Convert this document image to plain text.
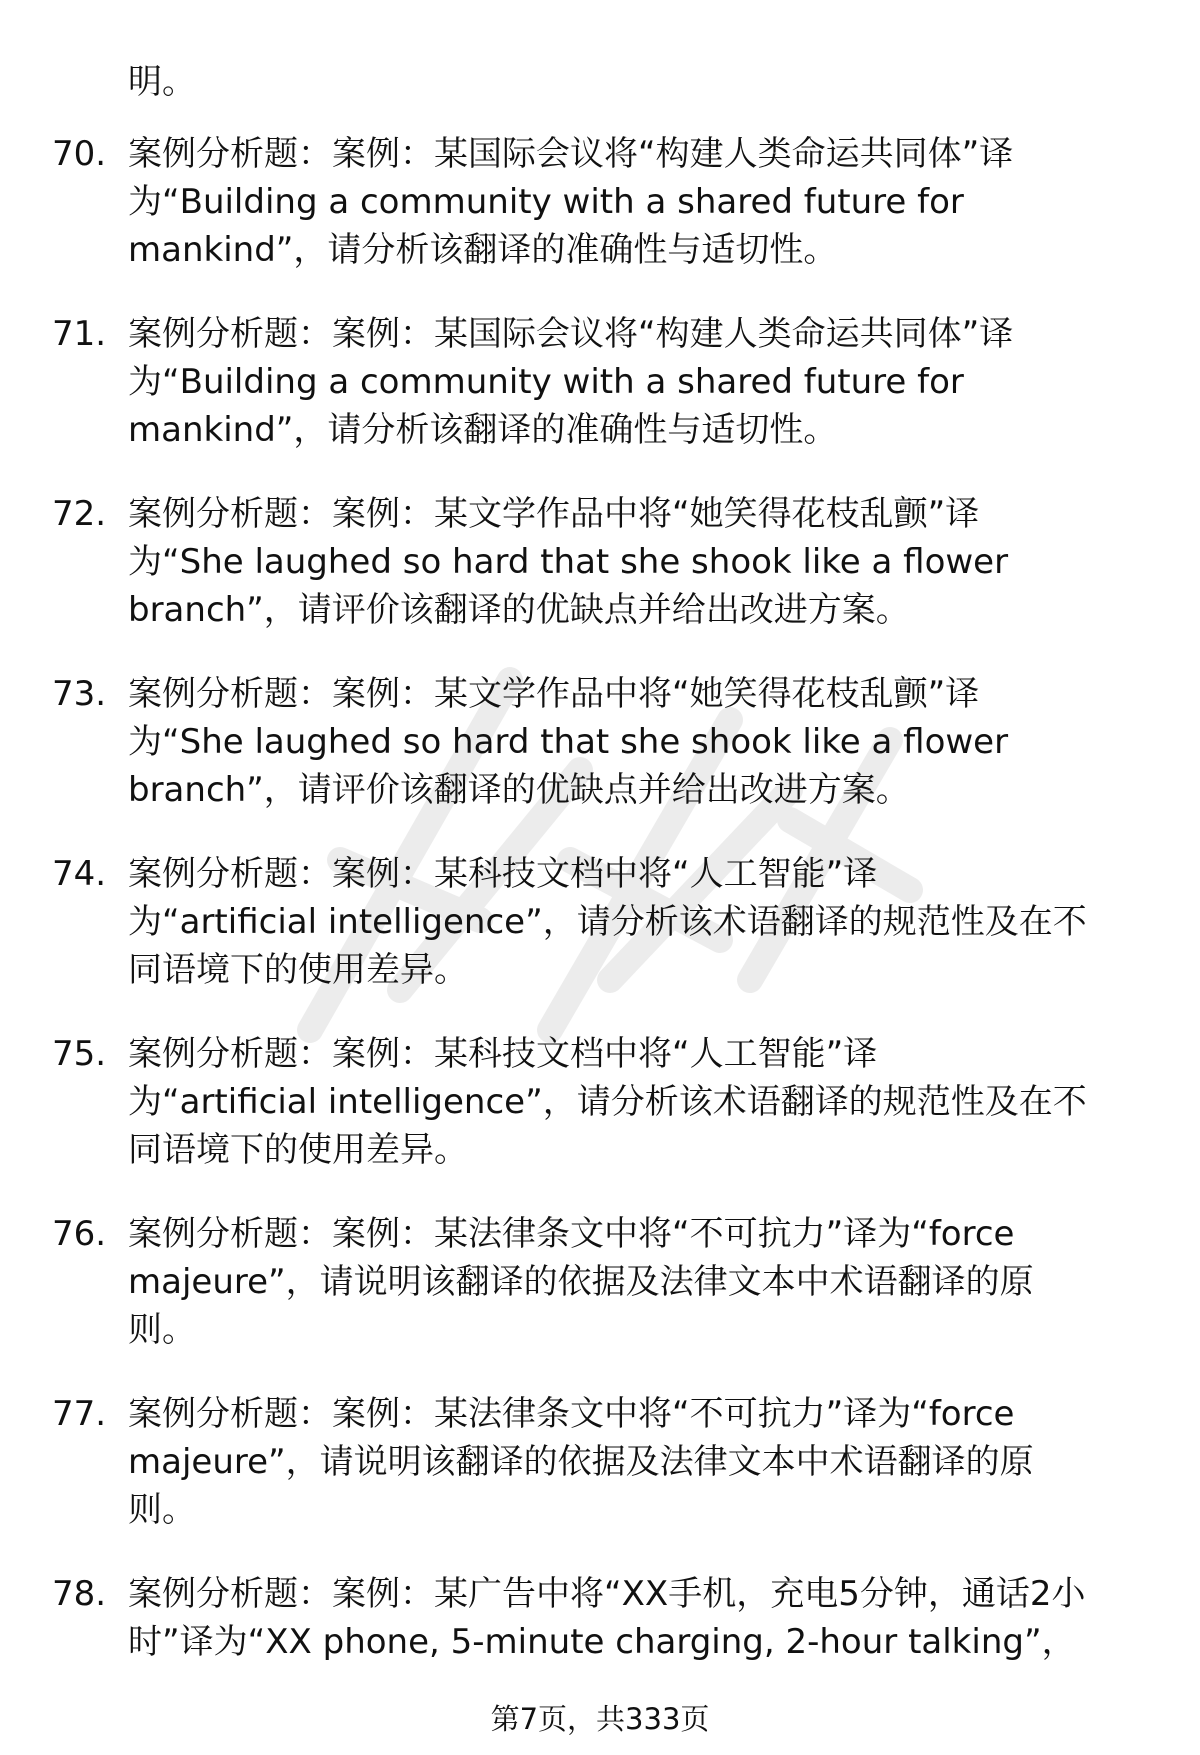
明。
70. 案例分析题：案例：某国际会议将“构建人类命运共同体”译
为“Building a community with a shared future for
mankind”，请分析该翻译的准确性与适切性。
71. 案例分析题：案例：某国际会议将“构建人类命运共同体”译
为“Building a community with a shared future for
mankind”，请分析该翻译的准确性与适切性。
72. 案例分析题：案例：某文学作品中将“她笑得花枝乱颤”译
为“She laughed so hard that she shook like a flower
branch”，请评价该翻译的优缺点并给出改进方案。
73. 案例分析题：案例：某文学作品中将“她笑得花枝乱颤”译
为“She laughed so hard that she shook like a flower
branch”，请评价该翻译的优缺点并给出改进方案。
74. 案例分析题：案例：某科技文档中将“人工智能”译
为“artificial intelligence”，请分析该术语翻译的规范性及在不
同语境下的使用差异。
75. 案例分析题：案例：某科技文档中将“人工智能”译
为“artificial intelligence”，请分析该术语翻译的规范性及在不
同语境下的使用差异。
76. 案例分析题：案例：某法律条文中将“不可抗力”译为“force
majeure”，请说明该翻译的依据及法律文本中术语翻译的原
则。
77. 案例分析题：案例：某法律条文中将“不可抗力”译为“force
majeure”，请说明该翻译的依据及法律文本中术语翻译的原
则。
78. 案例分析题：案例：某广告中将“XX手机，充电5分钟，通话2小
时”译为“XX phone, 5-minute charging, 2-hour talking”，
第7页，共333页
